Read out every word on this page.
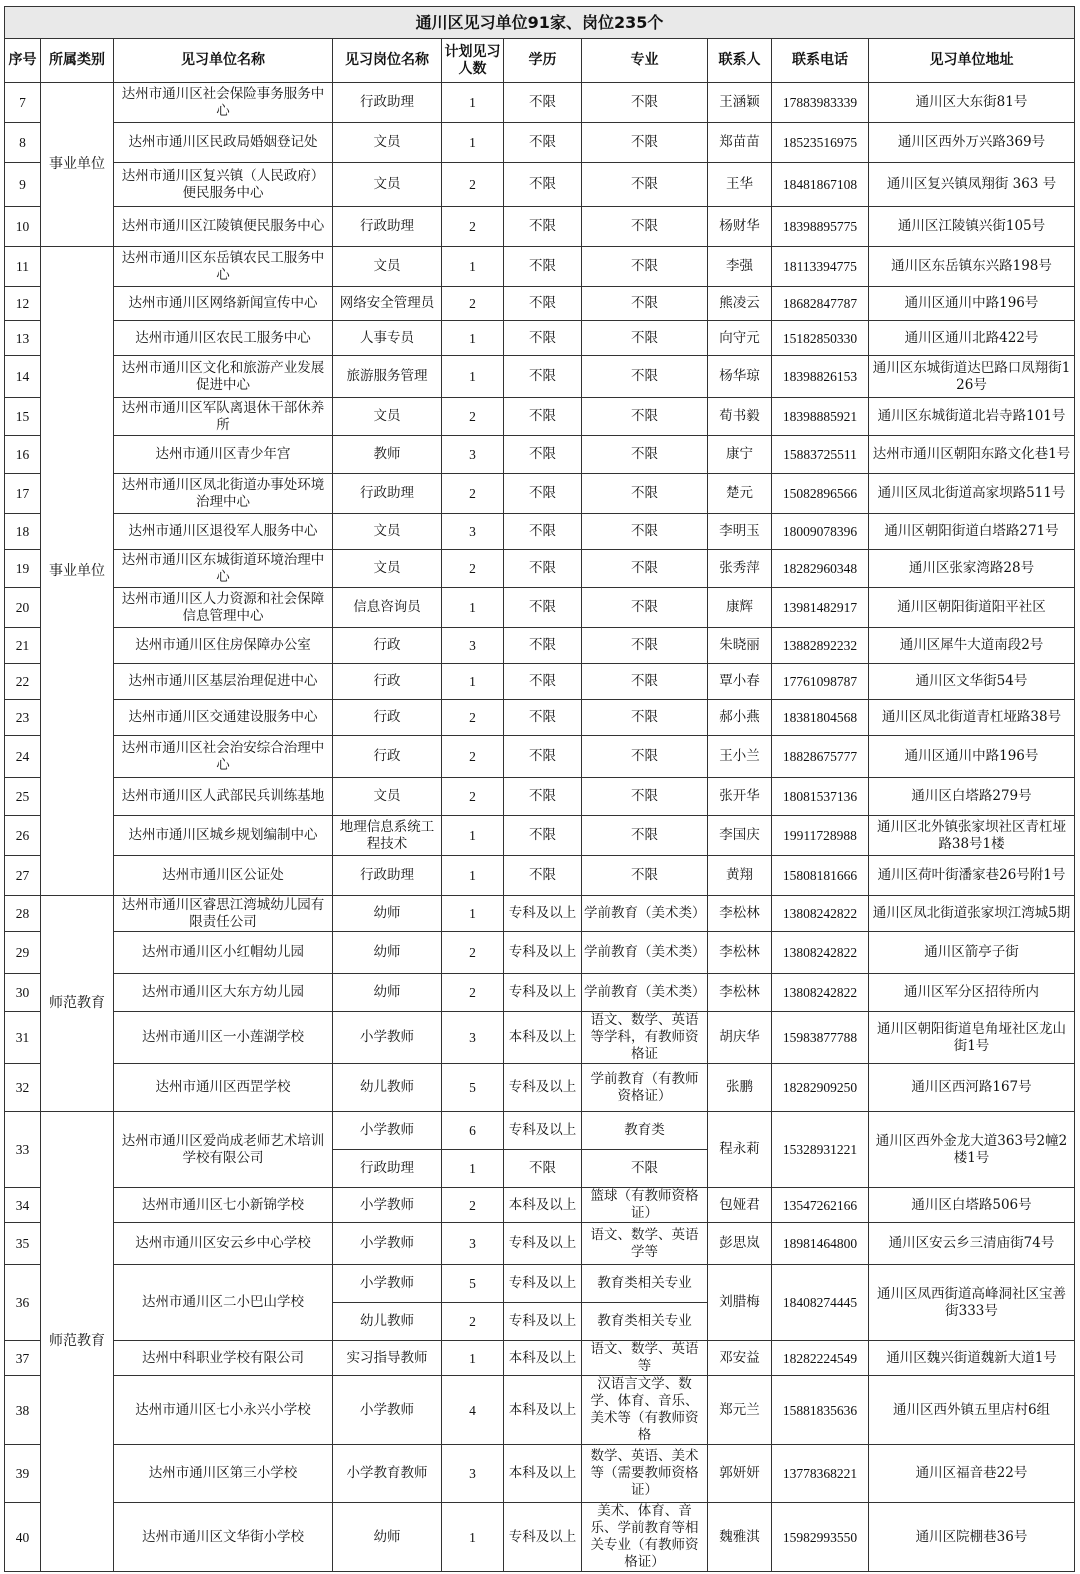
通川区见习单位91家、岗位235个									
序号	所属类别	见习单位名称	见习岗位名称	计划见习人数	学历	专业	联系人	联系电话	见习单位地址
7	事业单位	达州市通川区社会保险事务服务中心	行政助理	1	不限	不限	王涵颖	17883983339	通川区大东街81号
8		达州市通川区民政局婚姻登记处	文员	1	不限	不限	郑苗苗	18523516975	通川区西外万兴路369号
9		达州市通川区复兴镇（人民政府）便民服务中心	文员	2	不限	不限	王华	18481867108	通川区复兴镇凤翔街 363 号
10		达州市通川区江陵镇便民服务中心	行政助理	2	不限	不限	杨财华	18398895775	通川区江陵镇兴街105号
11	事业单位	达州市通川区东岳镇农民工服务中心	文员	1	不限	不限	李强	18113394775	通川区东岳镇东兴路198号
12		达州市通川区网络新闻宣传中心	网络安全管理员	2	不限	不限	熊凌云	18682847787	通川区通川中路196号
13		达州市通川区农民工服务中心	人事专员	1	不限	不限	向守元	15182850330	通川区通川北路422号
14		达州市通川区文化和旅游产业发展促进中心	旅游服务管理	1	不限	不限	杨华琼	18398826153	通川区东城街道达巴路口凤翔街126号
15		达州市通川区军队离退休干部休养所	文员	2	不限	不限	荀书毅	18398885921	通川区东城街道北岩寺路101号
16		达州市通川区青少年宫	教师	3	不限	不限	康宁	15883725511	达州市通川区朝阳东路文化巷1号
17		达州市通川区凤北街道办事处环境治理中心	行政助理	2	不限	不限	楚元	15082896566	通川区凤北街道高家坝路511号
18		达州市通川区退役军人服务中心	文员	3	不限	不限	李明玉	18009078396	通川区朝阳街道白塔路271号
19		达州市通川区东城街道环境治理中心	文员	2	不限	不限	张秀萍	18282960348	通川区张家湾路28号
20		达州市通川区人力资源和社会保障信息管理中心	信息咨询员	1	不限	不限	康辉	13981482917	通川区朝阳街道阳平社区
21		达州市通川区住房保障办公室	行政	3	不限	不限	朱晓丽	13882892232	通川区犀牛大道南段2号
22		达州市通川区基层治理促进中心	行政	1	不限	不限	覃小春	17761098787	通川区文华街54号
23		达州市通川区交通建设服务中心	行政	2	不限	不限	郝小燕	18381804568	通川区凤北街道青杠垭路38号
24		达州市通川区社会治安综合治理中心	行政	2	不限	不限	王小兰	18828675777	通川区通川中路196号
25		达州市通川区人武部民兵训练基地	文员	2	不限	不限	张开华	18081537136	通川区白塔路279号
26		达州市通川区城乡规划编制中心	地理信息系统工程技术	1	不限	不限	李国庆	19911728988	通川区北外镇张家坝社区青杠垭路38号1楼
27		达州市通川区公证处	行政助理	1	不限	不限	黄翔	15808181666	通川区荷叶街潘家巷26号附1号
28	师范教育	达州市通川区睿思江湾城幼儿园有限责任公司	幼师	1	专科及以上	学前教育（美术类）	李松林	13808242822	通川区凤北街道张家坝江湾城5期
29		达州市通川区小红帽幼儿园	幼师	2	专科及以上	学前教育（美术类）	李松林	13808242822	通川区箭亭子街
30		达州市通川区大东方幼儿园	幼师	2	专科及以上	学前教育（美术类）	李松林	13808242822	通川区军分区招待所内
31		达州市通川区一小莲湖学校	小学教师	3	本科及以上	语文、数学、英语等学科，有教师资格证	胡庆华	15983877788	通川区朝阳街道皂角垭社区龙山街1号
32		达州市通川区西罡学校	幼儿教师	5	专科及以上	学前教育（有教师资格证）	张鹏	18282909250	通川区西河路167号
33	师范教育	达州市通川区爱尚成老师艺术培训学校有限公司	小学教师	6	专科及以上	教育类	程永莉	15328931221	通川区西外金龙大道363号2幢2楼1号
			行政助理	1	不限	不限			
34		达州市通川区七小新锦学校	小学教师	2	本科及以上	篮球（有教师资格证）	包娅君	13547262166	通川区白塔路506号
35		达州市通川区安云乡中心学校	小学教师	3	专科及以上	语文、数学、英语学等	彭思岚	18981464800	通川区安云乡三清庙街74号
36		达州市通川区二小巴山学校	小学教师	5	专科及以上	教育类相关专业	刘腊梅	18408274445	通川区凤西街道高峰洞社区宝善街333号
			幼儿教师	2	专科及以上	教育类相关专业			
37		达州中科职业学校有限公司	实习指导教师	1	本科及以上	语文、数学、英语等	邓安益	18282224549	通川区魏兴街道魏新大道1号
38		达州市通川区七小永兴小学校	小学教师	4	本科及以上	汉语言文学、数学、体育、音乐、美术等（有教师资格	郑元兰	15881835636	通川区西外镇五里店村6组
39		达州市通川区第三小学校	小学教育教师	3	本科及以上	数学、英语、美术等（需要教师资格证）	郭妍妍	13778368221	通川区福音巷22号
40		达州市通川区文华街小学校	幼师	1	专科及以上	美术、体育、音乐、学前教育等相关专业（有教师资格证）	魏雅淇	15982993550	通川区院棚巷36号
